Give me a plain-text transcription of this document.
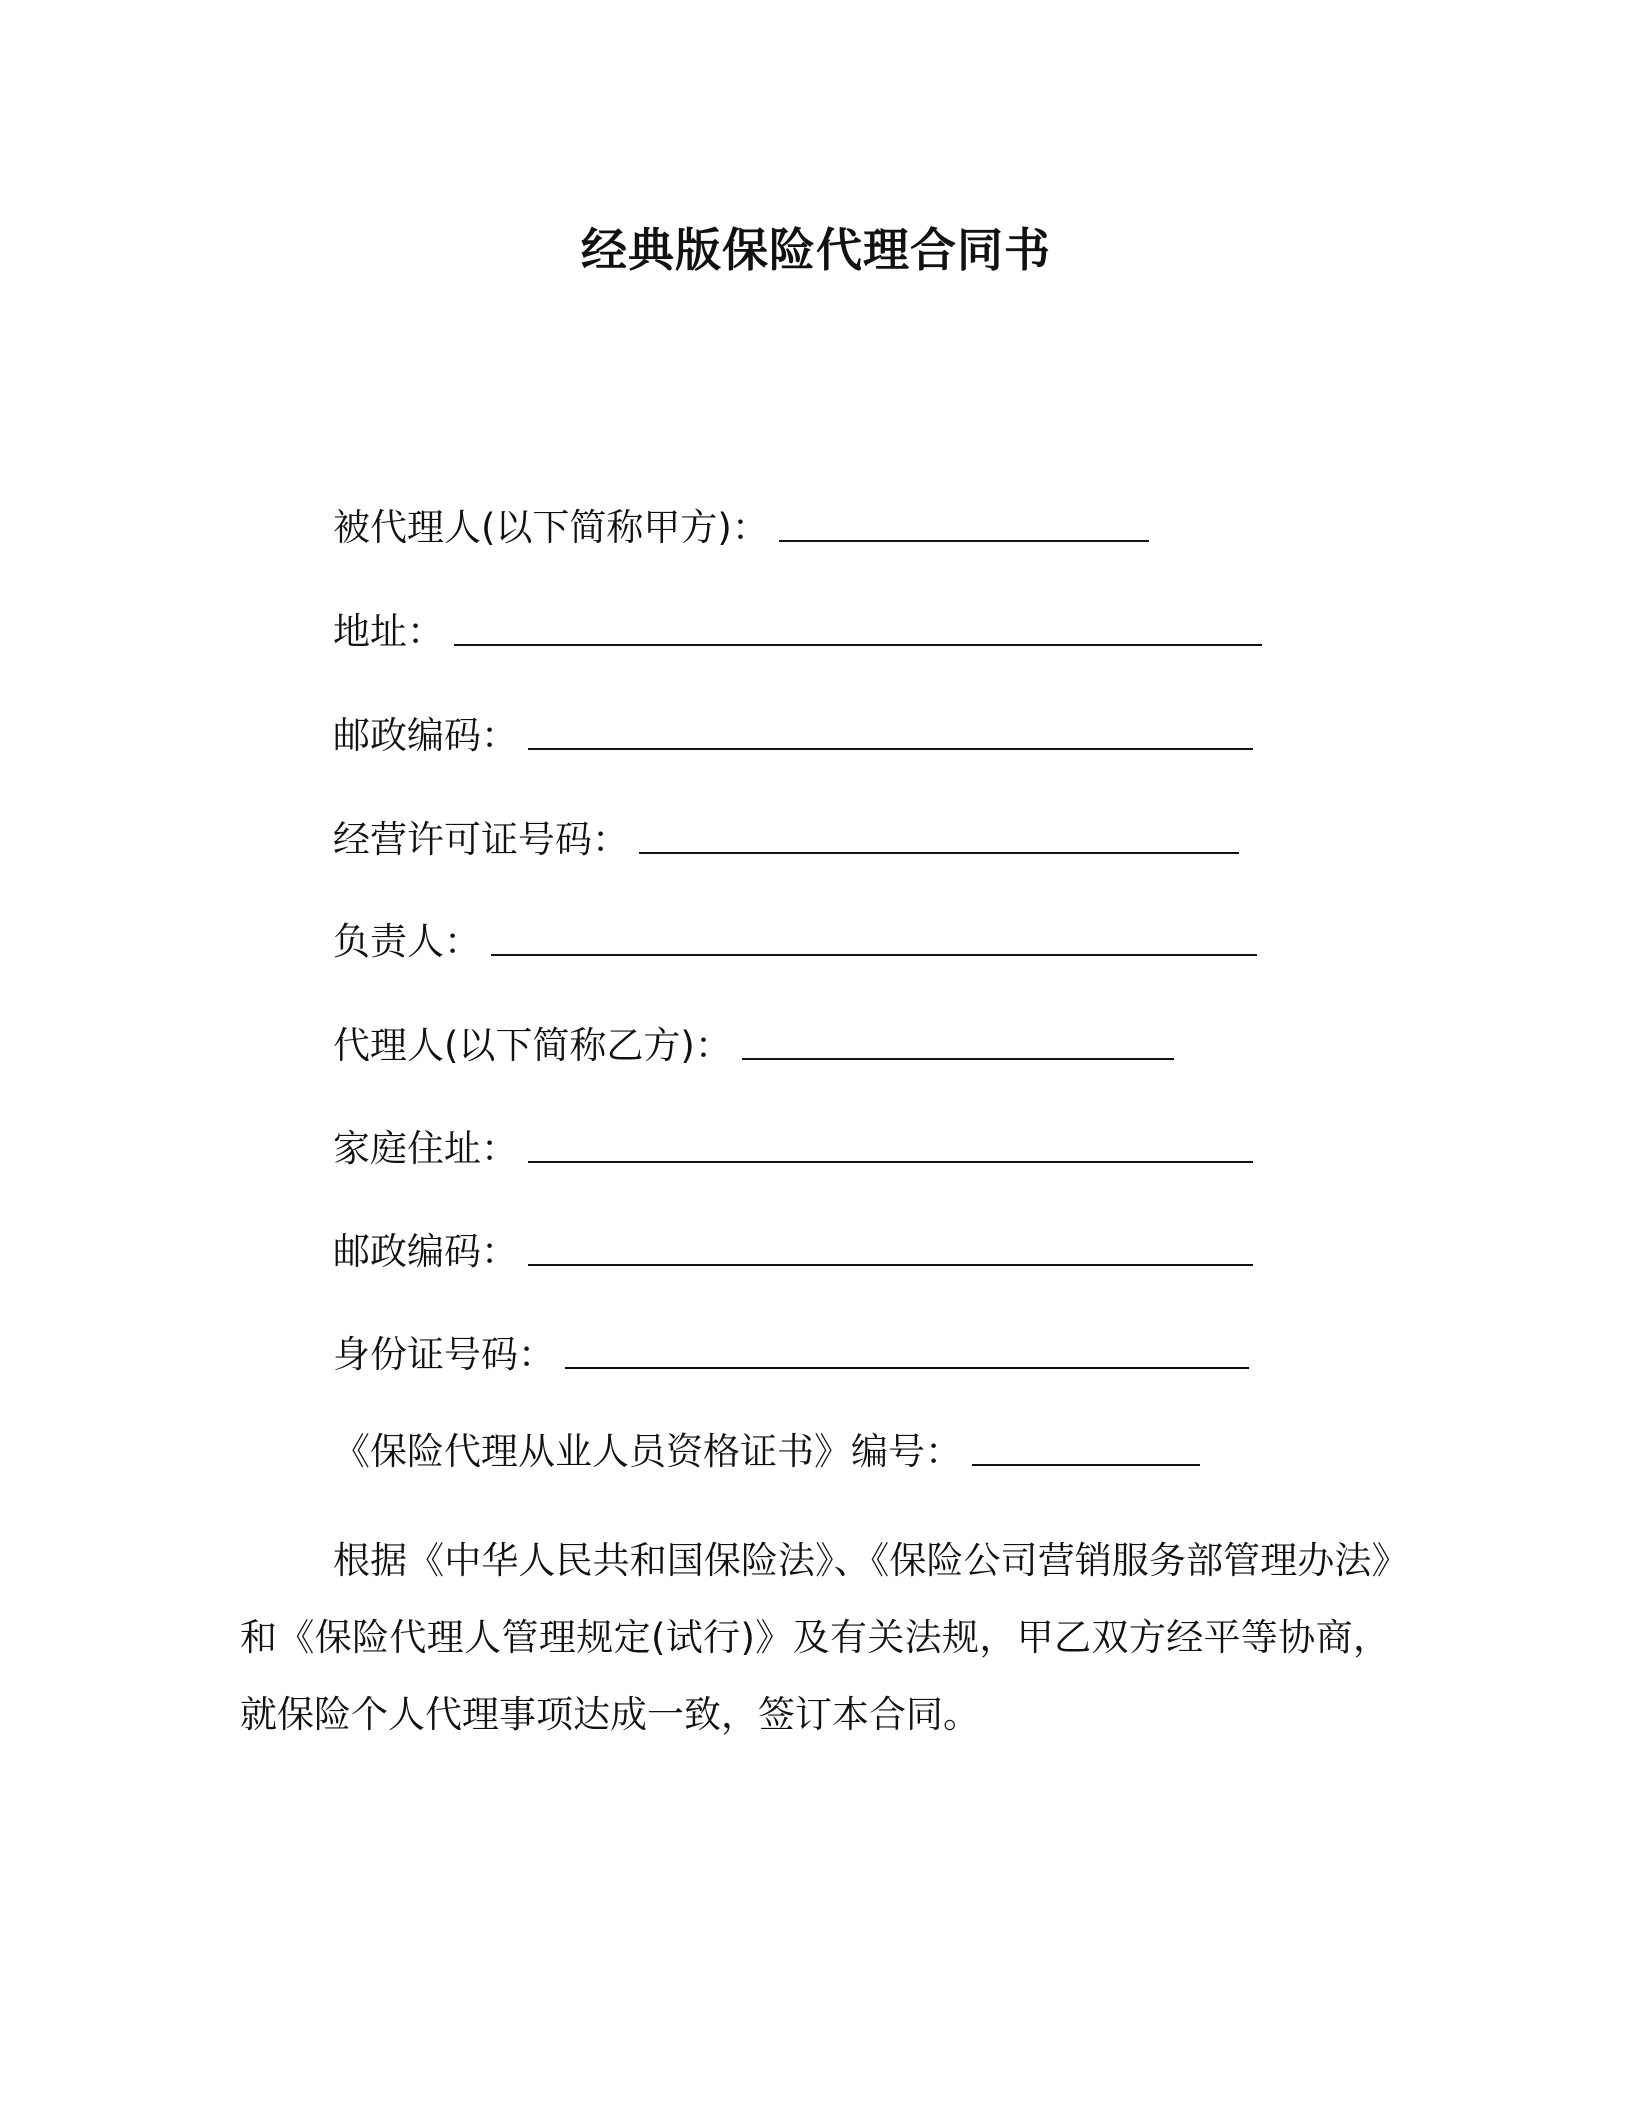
经典版保险代理合同书
被代理人(以下简称甲方)：
地址：
邮政编码：
经营许可证号码：
负责人：
代理人(以下简称乙方)：
家庭住址：
邮政编码：
身份证号码：
《保险代理从业人员资格证书》编号：
根据《中华人民共和国保险法》、《保险公司营销服务部管理办法》和《保险代理人管理规定(试行)》及有关法规，甲乙双方经平等协商，就保险个人代理事项达成一致，签订本合同。
